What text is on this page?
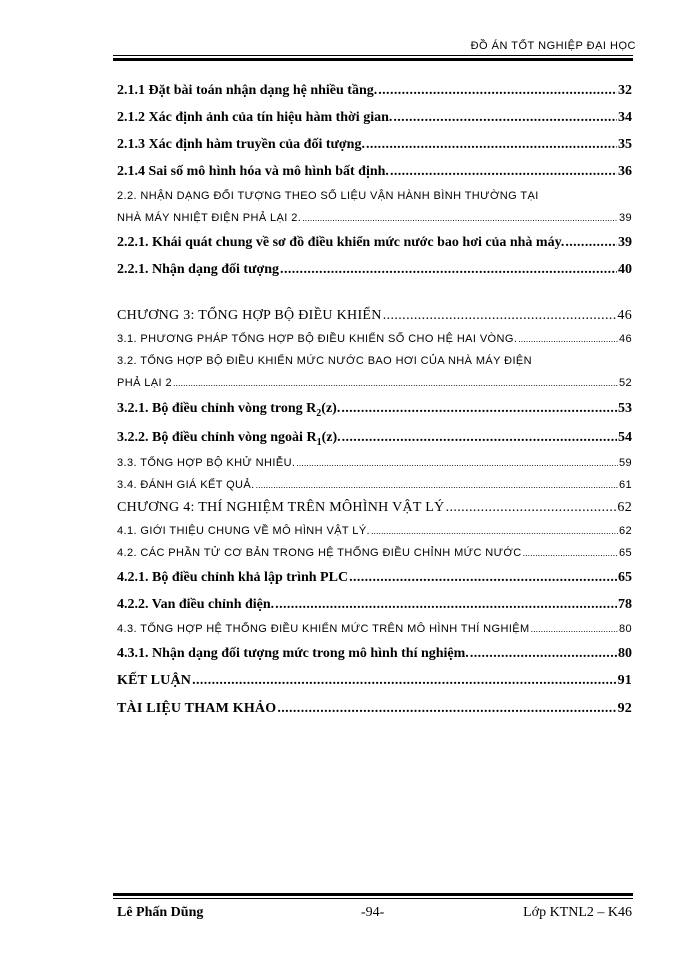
ĐỒ ÁN TỐT NGHIỆP ĐẠI HỌC
2.1.1 Đặt bài toán nhận dạng hệ nhiều tầng. .....	32
2.1.2 Xác định ảnh của tín hiệu hàm thời gian. .....	34
2.1.3 Xác định hàm truyền của đối tượng. .....	35
2.1.4 Sai số mô hình hóa và mô hình bất định. .....	36
2.2. NHẬN DẠNG ĐỐI TƯỢNG THEO SỐ LIỆU VẬN HÀNH BÌNH THƯỜNG TẠI
NHÀ MÁY NHIỆT ĐIỆN PHẢ LẠI 2. .....	39
2.2.1. Khái quát chung về sơ đồ điều khiển mức nước bao hơi của nhà máy. .....	39
2.2.1. Nhận dạng đối tượng .....	40
CHƯƠNG 3: TỔNG HỢP BỘ ĐIỀU KHIỂN .....	46
3.1. PHƯƠNG PHÁP TỔNG HỢP BỘ ĐIỀU KHIỂN SỐ CHO HỆ HAI VÒNG. .....	46
3.2. TỔNG HỢP BỘ ĐIỀU KHIỂN MỨC NƯỚC BAO HƠI CỦA NHÀ MÁY ĐIỆN
PHẢ LẠI 2 .....	52
3.2.1. Bộ điều chỉnh vòng trong $R_2(z)$. .....	53
3.2.2. Bộ điều chỉnh vòng ngoài $R_1(z)$. .....	54
3.3. TỔNG HỢP BỘ KHỬ NHIỄU. .....	59
3.4. ĐÁNH GIÁ KẾT QUẢ. .....	61
CHƯƠNG 4: THÍ NGHIỆM TRÊN MÔHÌNH VẬT LÝ .....	62
4.1. GIỚI THIỆU CHUNG VỀ MÔ HÌNH VẬT LÝ. .....	62
4.2. CÁC PHẦN TỬ CƠ BẢN TRONG HỆ THỐNG ĐIỀU CHỈNH MỨC NƯỚC .....	65
4.2.1. Bộ điều chỉnh khả lập trình PLC .....	65
4.2.2. Van điều chỉnh điện. .....	78
4.3. TỔNG HỢP HỆ THỐNG ĐIỀU KHIỂN MỨC TRÊN MÔ HÌNH THÍ NGHIỆM .....	80
4.3.1. Nhận dạng đối tượng mức trong mô hình thí nghiệm. .....	80
KẾT LUẬN .....	91
TÀI LIỆU THAM KHẢO .....	92
Lê Phấn Dũng	-94-	Lớp KTNL2 – K46
